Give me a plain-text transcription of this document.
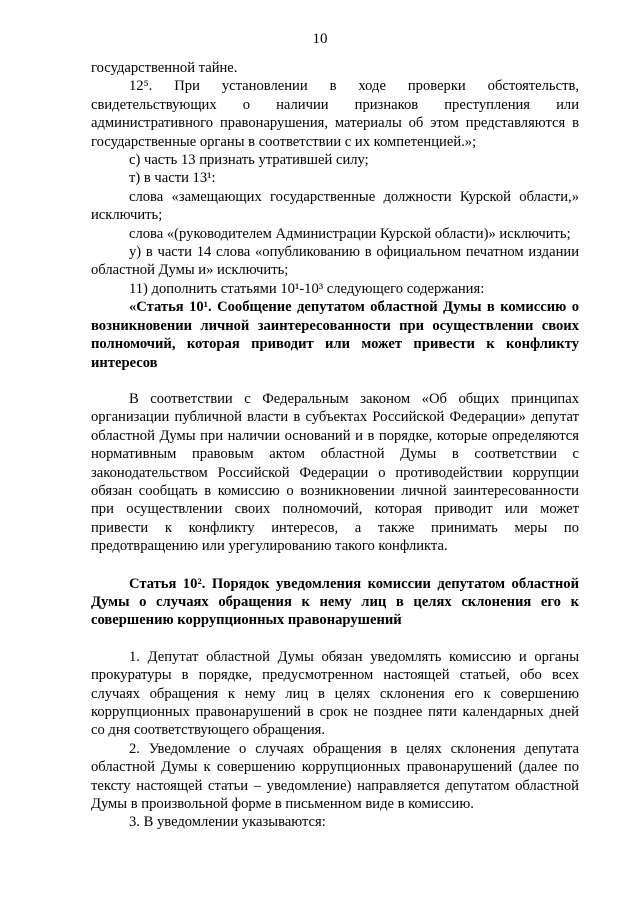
10

государственной тайне.

12⁵. При установлении в ходе проверки обстоятельств, свидетельствующих о наличии признаков преступления или административного правонарушения, материалы об этом представляются в государственные органы в соответствии с их компетенцией.»;

с) часть 13 признать утратившей силу;

т) в части 13¹:

слова «замещающих государственные должности Курской области,» исключить;

слова «(руководителем Администрации Курской области)» исключить;

у) в части 14 слова «опубликованию в официальном печатном издании областной Думы и» исключить;

11) дополнить статьями 10¹-10³ следующего содержания:

«Статья 10¹. Сообщение депутатом областной Думы в комиссию о возникновении личной заинтересованности при осуществлении своих полномочий, которая приводит или может привести к конфликту интересов

В соответствии с Федеральным законом «Об общих принципах организации публичной власти в субъектах Российской Федерации» депутат областной Думы при наличии оснований и в порядке, которые определяются нормативным правовым актом областной Думы в соответствии с законодательством Российской Федерации о противодействии коррупции обязан сообщать в комиссию о возникновении личной заинтересованности при осуществлении своих полномочий, которая приводит или может привести к конфликту интересов, а также принимать меры по предотвращению или урегулированию такого конфликта.

Статья 10². Порядок уведомления комиссии депутатом областной Думы о случаях обращения к нему лиц в целях склонения его к совершению коррупционных правонарушений

1. Депутат областной Думы обязан уведомлять комиссию и органы прокуратуры в порядке, предусмотренном настоящей статьей, обо всех случаях обращения к нему лиц в целях склонения его к совершению коррупционных правонарушений в срок не позднее пяти календарных дней со дня соответствующего обращения.

2. Уведомление о случаях обращения в целях склонения депутата областной Думы к совершению коррупционных правонарушений (далее по тексту настоящей статьи – уведомление) направляется депутатом областной Думы в произвольной форме в письменном виде в комиссию.

3. В уведомлении указываются:
